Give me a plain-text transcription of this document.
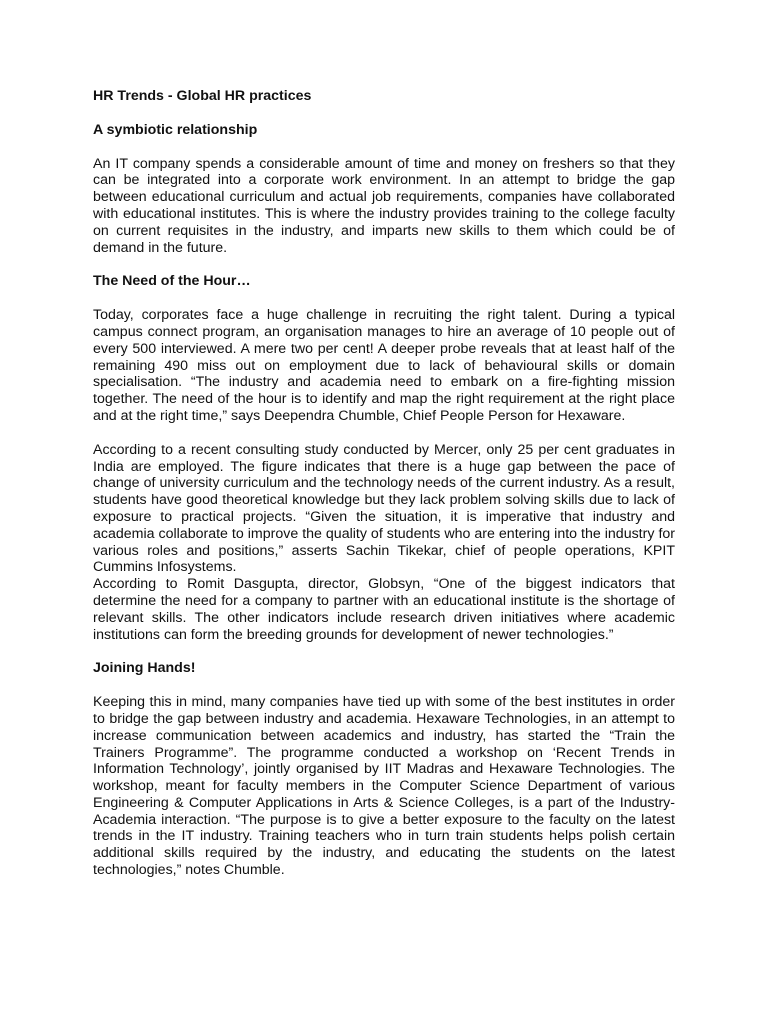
HR Trends - Global HR practices
A symbiotic relationship

An IT company spends a considerable amount of time and money on freshers so that they can be integrated into a corporate work environment. In an attempt to bridge the gap between educational curriculum and actual job requirements, companies have collaborated with educational institutes. This is where the industry provides training to the college faculty on current requisites in the industry, and imparts new skills to them which could be of demand in the future.

The Need of the Hour…

Today, corporates face a huge challenge in recruiting the right talent. During a typical campus connect program, an organisation manages to hire an average of 10 people out of every 500 interviewed. A mere two per cent! A deeper probe reveals that at least half of the remaining 490 miss out on employment due to lack of behavioural skills or domain specialisation. “The industry and academia need to embark on a fire-fighting mission together. The need of the hour is to identify and map the right requirement at the right place and at the right time,” says Deependra Chumble, Chief People Person for Hexaware.

According to a recent consulting study conducted by Mercer, only 25 per cent graduates in India are employed. The figure indicates that there is a huge gap between the pace of change of university curriculum and the technology needs of the current industry. As a result, students have good theoretical knowledge but they lack problem solving skills due to lack of exposure to practical projects. “Given the situation, it is imperative that industry and academia collaborate to improve the quality of students who are entering into the industry for various roles and positions,” asserts Sachin Tikekar, chief of people operations, KPIT Cummins Infosystems.

According to Romit Dasgupta, director, Globsyn, “One of the biggest indicators that determine the need for a company to partner with an educational institute is the shortage of relevant skills. The other indicators include research driven initiatives where academic institutions can form the breeding grounds for development of newer technologies.”

Joining Hands!

Keeping this in mind, many companies have tied up with some of the best institutes in order to bridge the gap between industry and academia. Hexaware Technologies, in an attempt to increase communication between academics and industry, has started the “Train the Trainers Programme”. The programme conducted a workshop on ‘Recent Trends in Information Technology’, jointly organised by IIT Madras and Hexaware Technologies. The workshop, meant for faculty members in the Computer Science Department of various Engineering & Computer Applications in Arts & Science Colleges, is a part of the Industry-Academia interaction. “The purpose is to give a better exposure to the faculty on the latest trends in the IT industry. Training teachers who in turn train students helps polish certain additional skills required by the industry, and educating the students on the latest technologies,” notes Chumble.
